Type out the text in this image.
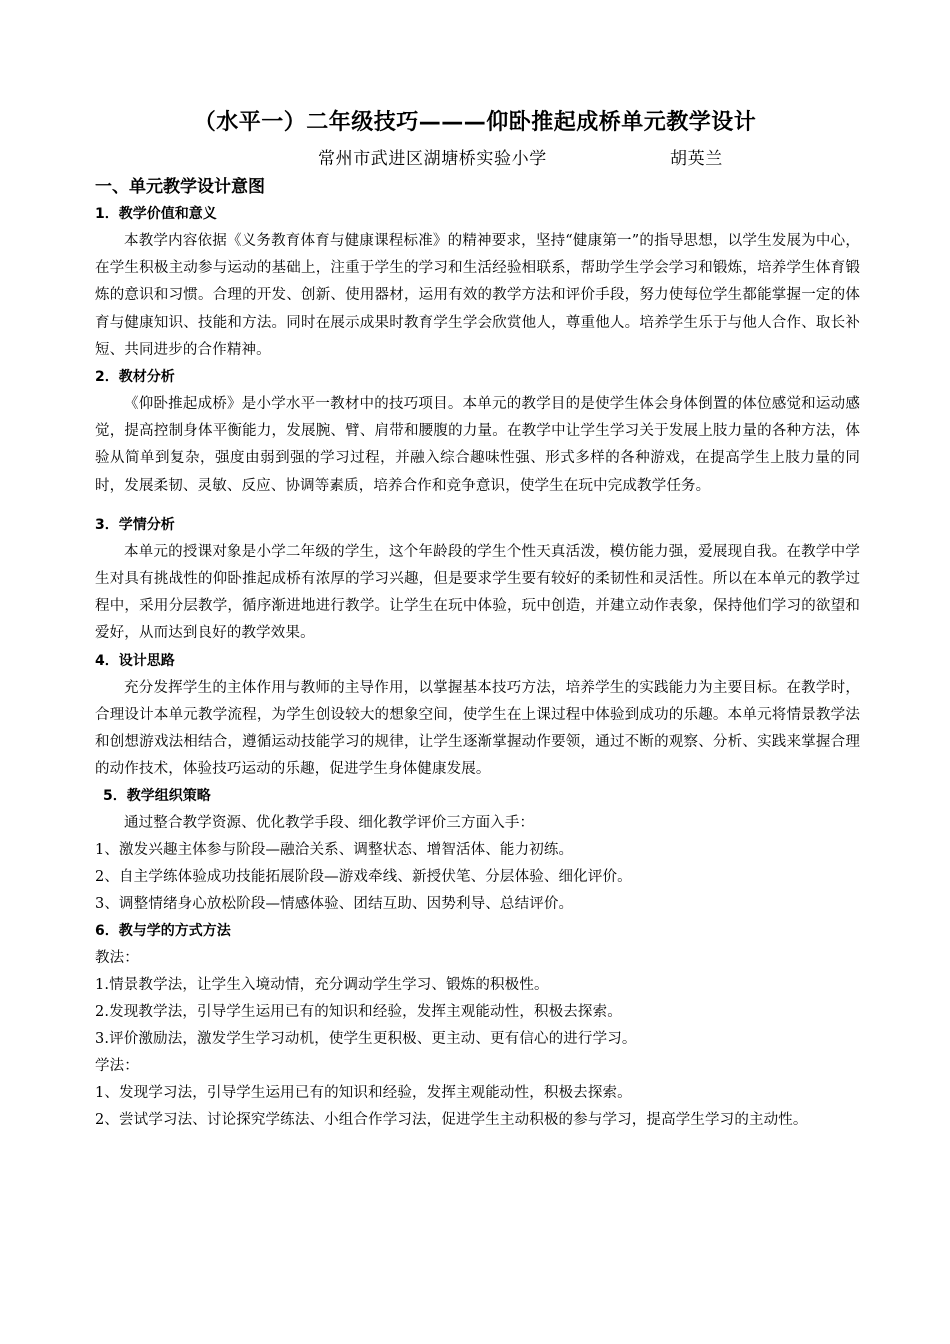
（水平一）二年级技巧———仰卧推起成桥单元教学设计
常州市武进区湖塘桥实验小学	胡英兰

一、单元教学设计意图

1．教学价值和意义

本教学内容依据《义务教育体育与健康课程标准》的精神要求，坚持“健康第一”的指导思想，以学生发展为中心，在学生积极主动参与运动的基础上，注重于学生的学习和生活经验相联系，帮助学生学会学习和锻炼，培养学生体育锻炼的意识和习惯。合理的开发、创新、使用器材，运用有效的教学方法和评价手段，努力使每位学生都能掌握一定的体育与健康知识、技能和方法。同时在展示成果时教育学生学会欣赏他人，尊重他人。培养学生乐于与他人合作、取长补短、共同进步的合作精神。

2．教材分析

《仰卧推起成桥》是小学水平一教材中的技巧项目。本单元的教学目的是使学生体会身体倒置的体位感觉和运动感觉，提高控制身体平衡能力，发展腕、臂、肩带和腰腹的力量。在教学中让学生学习关于发展上肢力量的各种方法，体验从简单到复杂，强度由弱到强的学习过程，并融入综合趣味性强、形式多样的各种游戏，在提高学生上肢力量的同时，发展柔韧、灵敏、反应、协调等素质，培养合作和竞争意识，使学生在玩中完成教学任务。

3．学情分析

本单元的授课对象是小学二年级的学生，这个年龄段的学生个性天真活泼，模仿能力强，爱展现自我。在教学中学生对具有挑战性的仰卧推起成桥有浓厚的学习兴趣，但是要求学生要有较好的柔韧性和灵活性。所以在本单元的教学过程中，采用分层教学，循序渐进地进行教学。让学生在玩中体验，玩中创造，并建立动作表象，保持他们学习的欲望和爱好，从而达到良好的教学效果。

4．设计思路

充分发挥学生的主体作用与教师的主导作用，以掌握基本技巧方法，培养学生的实践能力为主要目标。在教学时，合理设计本单元教学流程，为学生创设较大的想象空间，使学生在上课过程中体验到成功的乐趣。本单元将情景教学法和创想游戏法相结合，遵循运动技能学习的规律，让学生逐渐掌握动作要领，通过不断的观察、分析、实践来掌握合理的动作技术，体验技巧运动的乐趣，促进学生身体健康发展。

5．教学组织策略

通过整合教学资源、优化教学手段、细化教学评价三方面入手：

1、激发兴趣主体参与阶段—融洽关系、调整状态、增智活体、能力初练。

2、自主学练体验成功技能拓展阶段—游戏牵线、新授伏笔、分层体验、细化评价。

3、调整情绪身心放松阶段—情感体验、团结互助、因势利导、总结评价。

6．教与学的方式方法

教法：

1.情景教学法，让学生入境动情，充分调动学生学习、锻炼的积极性。

2.发现教学法，引导学生运用已有的知识和经验，发挥主观能动性，积极去探索。

3.评价激励法，激发学生学习动机，使学生更积极、更主动、更有信心的进行学习。

学法：

1、发现学习法，引导学生运用已有的知识和经验，发挥主观能动性，积极去探索。

2、尝试学习法、讨论探究学练法、小组合作学习法，促进学生主动积极的参与学习，提高学生学习的主动性。
